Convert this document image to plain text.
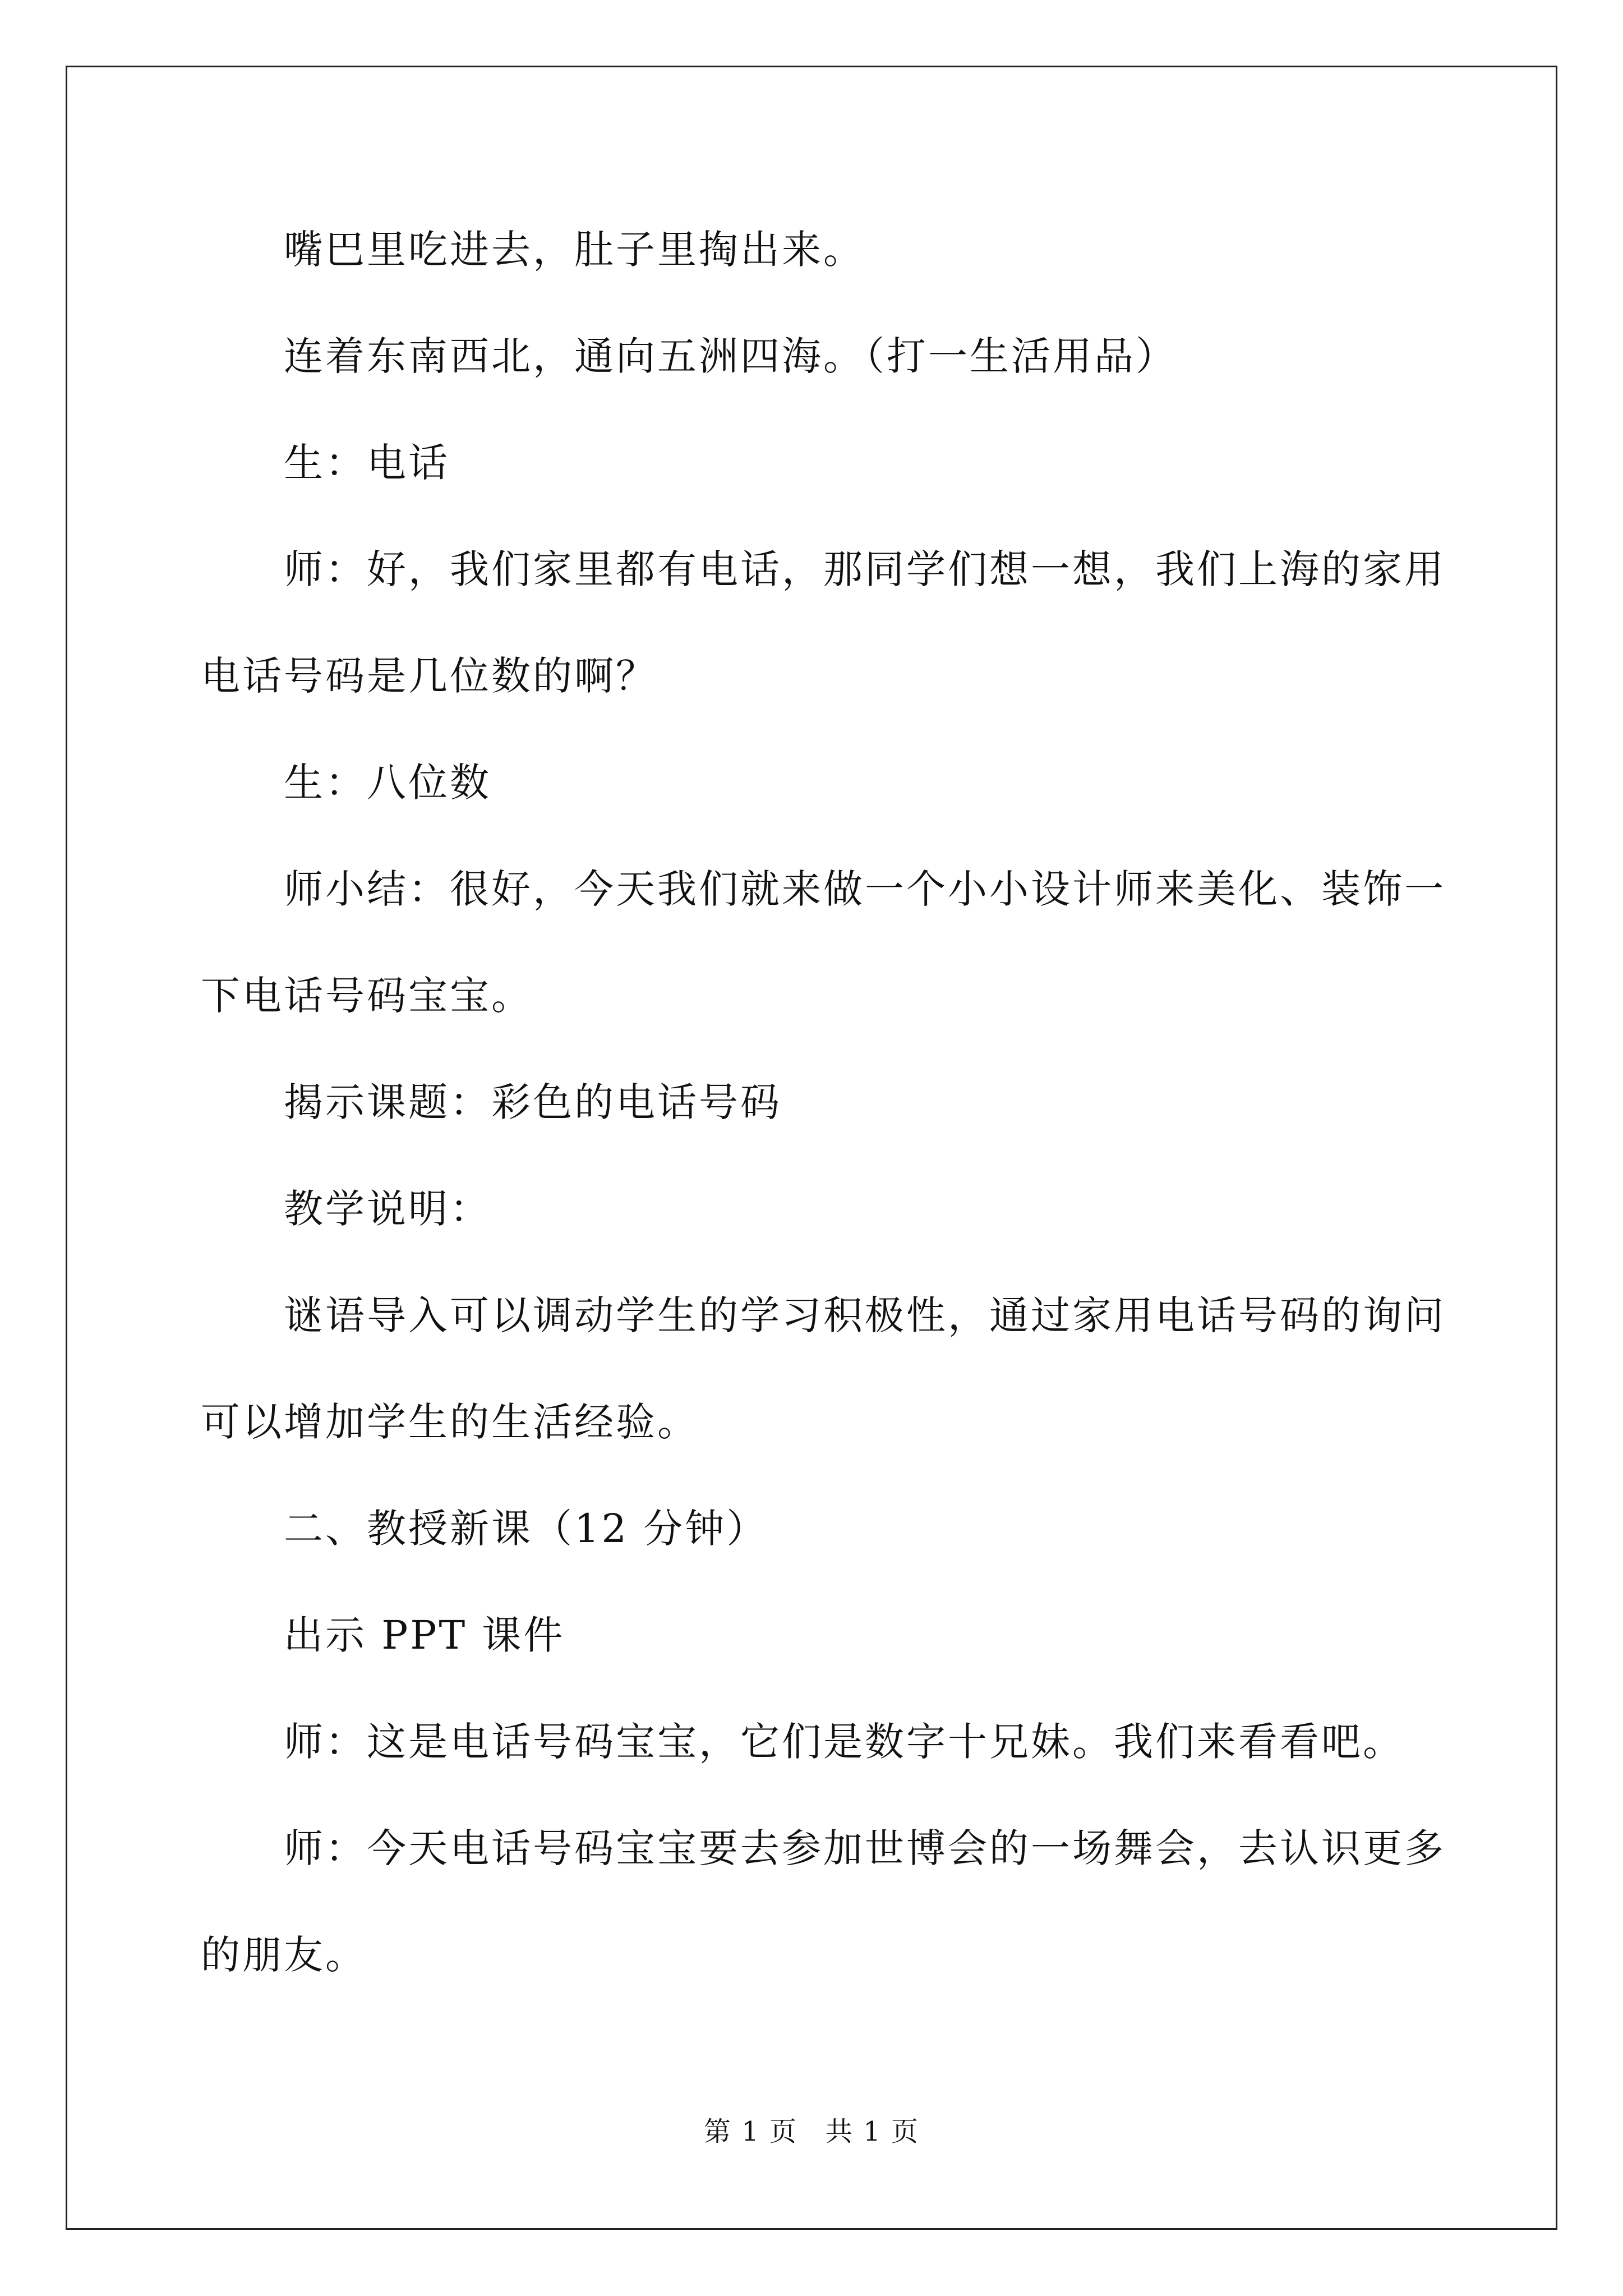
嘴巴里吃进去，肚子里掏出来。
连着东南西北，通向五洲四海。（打一生活用品）
生：电话
师：好，我们家里都有电话，那同学们想一想，我们上海的家用
电话号码是几位数的啊？
生：八位数
师小结：很好，今天我们就来做一个小小设计师来美化、装饰一
下电话号码宝宝。
揭示课题：彩色的电话号码
教学说明：
谜语导入可以调动学生的学习积极性，通过家用电话号码的询问
可以增加学生的生活经验。
二、教授新课（12 分钟）
出示 PPT 课件
师：这是电话号码宝宝，它们是数字十兄妹。我们来看看吧。
师：今天电话号码宝宝要去参加世博会的一场舞会，去认识更多
的朋友。
第 1 页　共 1 页
